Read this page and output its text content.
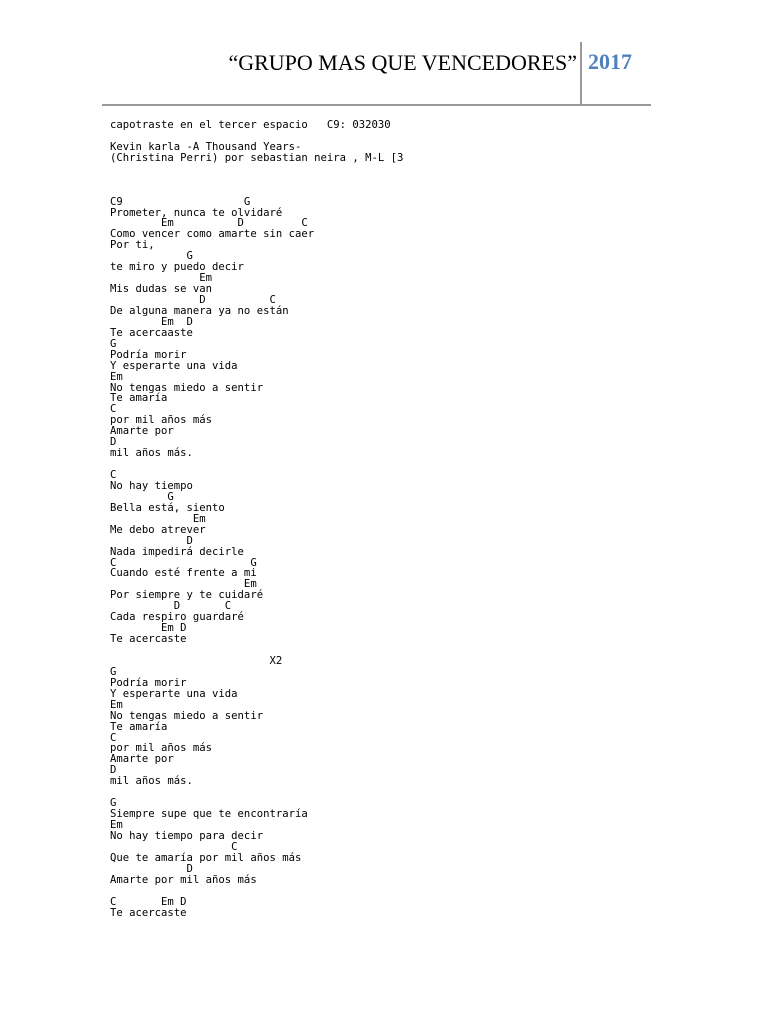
“GRUPO MAS QUE VENCEDORES” 2017
capotraste en el tercer espacio   C9: 032030
Kevin karla -A Thousand Years-
(Christina Perri) por sebastian neira , M-L [3
C9                   G
Prometer, nunca te olvidaré
Em          D         C
Como vencer como amarte sin caer
Por ti,
G
te miro y puedo decir
Em
Mis dudas se van
D          C
De alguna manera ya no están
Em  D
Te acercaaste
G
Podría morir
Y esperarte una vida
Em
No tengas miedo a sentir
Te amaría
C
por mil años más
Amarte por
D
mil años más.
C
No hay tiempo
G
Bella está, siento
Em
Me debo atrever
D
Nada impedirá decirle
C                     G
Cuando esté frente a mi
Em
Por siempre y te cuidaré
D       C
Cada respiro guardaré
Em D
Te acercaste
X2
G
Podría morir
Y esperarte una vida
Em
No tengas miedo a sentir
Te amaría
C
por mil años más
Amarte por
D
mil años más.
G
Siempre supe que te encontraría
Em
No hay tiempo para decir
C
Que te amaría por mil años más
D
Amarte por mil años más
C       Em D
Te acercaste
